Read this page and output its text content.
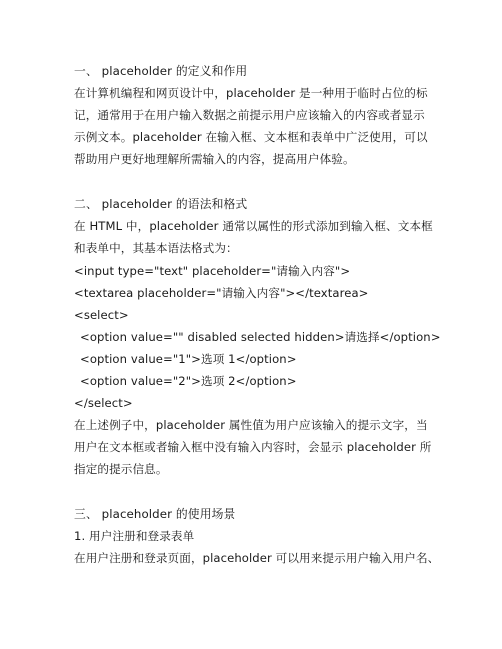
一、 placeholder 的定义和作用

在计算机编程和网页设计中，placeholder 是一种用于临时占位的标

记，通常用于在用户输入数据之前提示用户应该输入的内容或者显示

示例文本。placeholder 在输入框、文本框和表单中广泛使用，可以

帮助用户更好地理解所需输入的内容，提高用户体验。

二、 placeholder 的语法和格式

在 HTML 中，placeholder 通常以属性的形式添加到输入框、文本框

和表单中，其基本语法格式为：

<input type="text" placeholder="请输入内容">

<textarea placeholder="请输入内容"></textarea>

<select>

<option value="" disabled selected hidden>请选择</option>

<option value="1">选项 1</option>

<option value="2">选项 2</option>

</select>

在上述例子中，placeholder 属性值为用户应该输入的提示文字，当

用户在文本框或者输入框中没有输入内容时，会显示 placeholder 所

指定的提示信息。

三、 placeholder 的使用场景

1. 用户注册和登录表单

在用户注册和登录页面，placeholder 可以用来提示用户输入用户名、
